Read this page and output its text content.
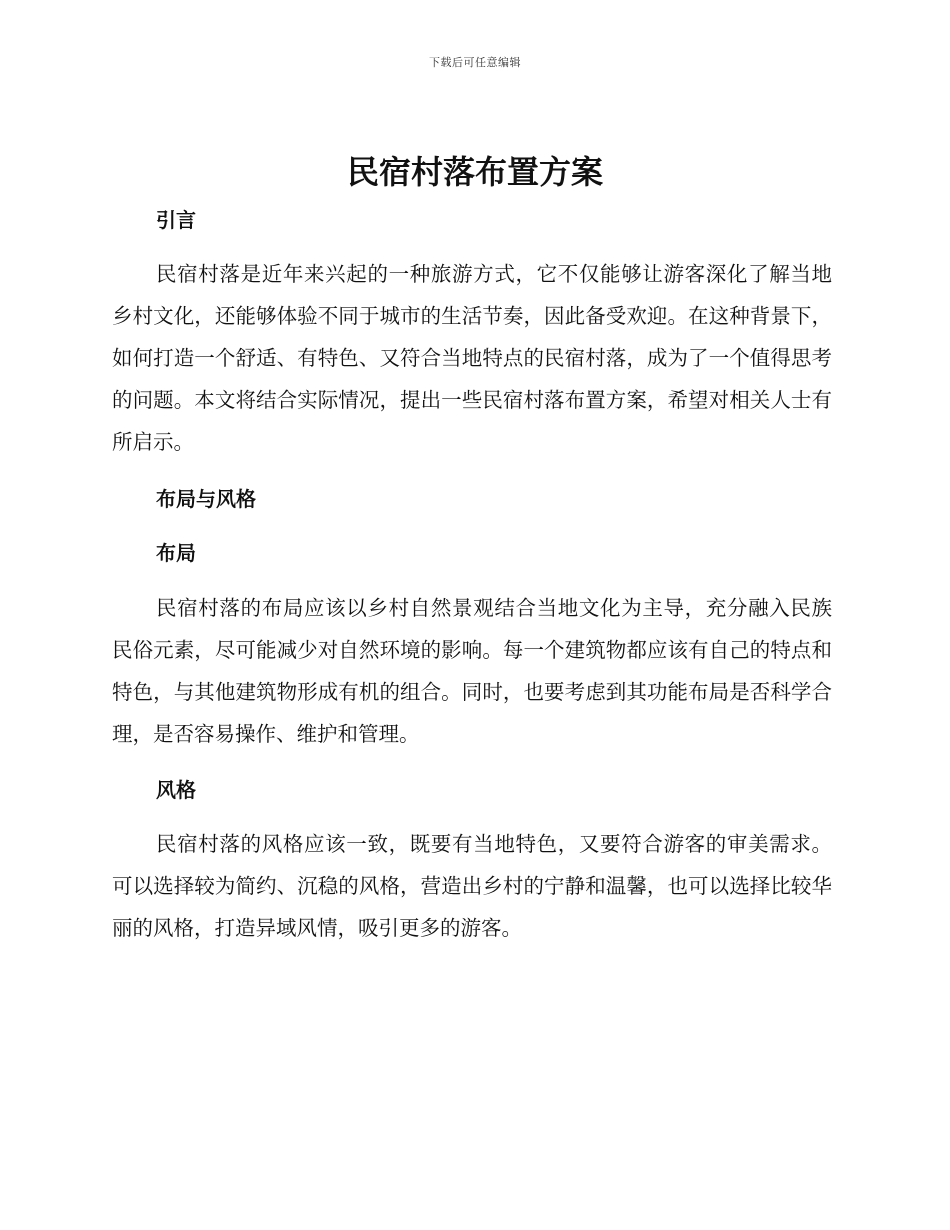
下载后可任意编辑
民宿村落布置方案
引言

民宿村落是近年来兴起的一种旅游方式，它不仅能够让游客深化了解当地乡村文化，还能够体验不同于城市的生活节奏，因此备受欢迎。在这种背景下，如何打造一个舒适、有特色、又符合当地特点的民宿村落，成为了一个值得思考的问题。本文将结合实际情况，提出一些民宿村落布置方案，希望对相关人士有所启示。

布局与风格
布局

民宿村落的布局应该以乡村自然景观结合当地文化为主导，充分融入民族民俗元素，尽可能减少对自然环境的影响。每一个建筑物都应该有自己的特点和特色，与其他建筑物形成有机的组合。同时，也要考虑到其功能布局是否科学合理，是否容易操作、维护和管理。

风格

民宿村落的风格应该一致，既要有当地特色，又要符合游客的审美需求。可以选择较为简约、沉稳的风格，营造出乡村的宁静和温馨，也可以选择比较华丽的风格，打造异域风情，吸引更多的游客。
